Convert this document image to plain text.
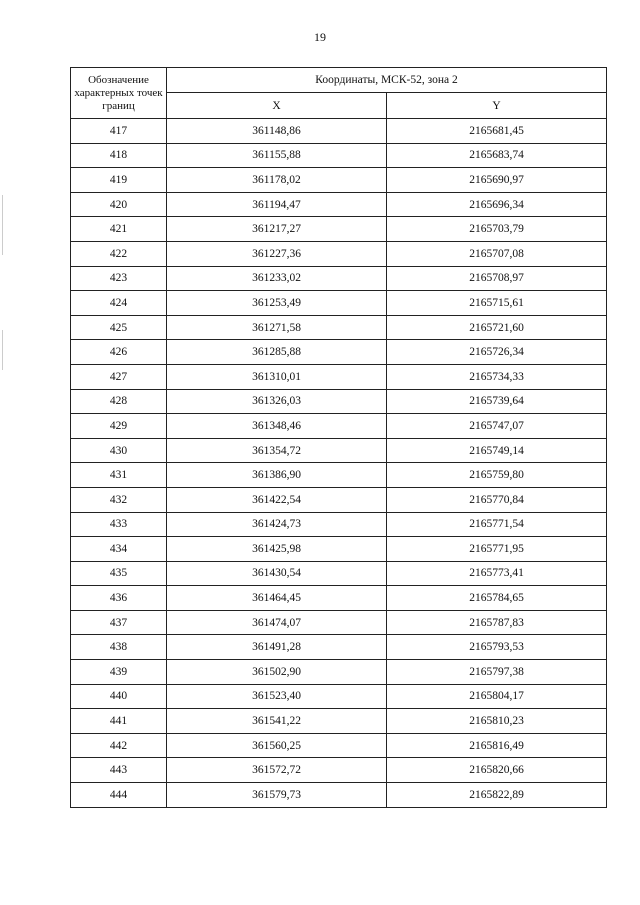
19
Обозначение характерных точек границ	Координаты, МСК-52, зона 2	
	X	Y
417	361148,86	2165681,45
418	361155,88	2165683,74
419	361178,02	2165690,97
420	361194,47	2165696,34
421	361217,27	2165703,79
422	361227,36	2165707,08
423	361233,02	2165708,97
424	361253,49	2165715,61
425	361271,58	2165721,60
426	361285,88	2165726,34
427	361310,01	2165734,33
428	361326,03	2165739,64
429	361348,46	2165747,07
430	361354,72	2165749,14
431	361386,90	2165759,80
432	361422,54	2165770,84
433	361424,73	2165771,54
434	361425,98	2165771,95
435	361430,54	2165773,41
436	361464,45	2165784,65
437	361474,07	2165787,83
438	361491,28	2165793,53
439	361502,90	2165797,38
440	361523,40	2165804,17
441	361541,22	2165810,23
442	361560,25	2165816,49
443	361572,72	2165820,66
444	361579,73	2165822,89
